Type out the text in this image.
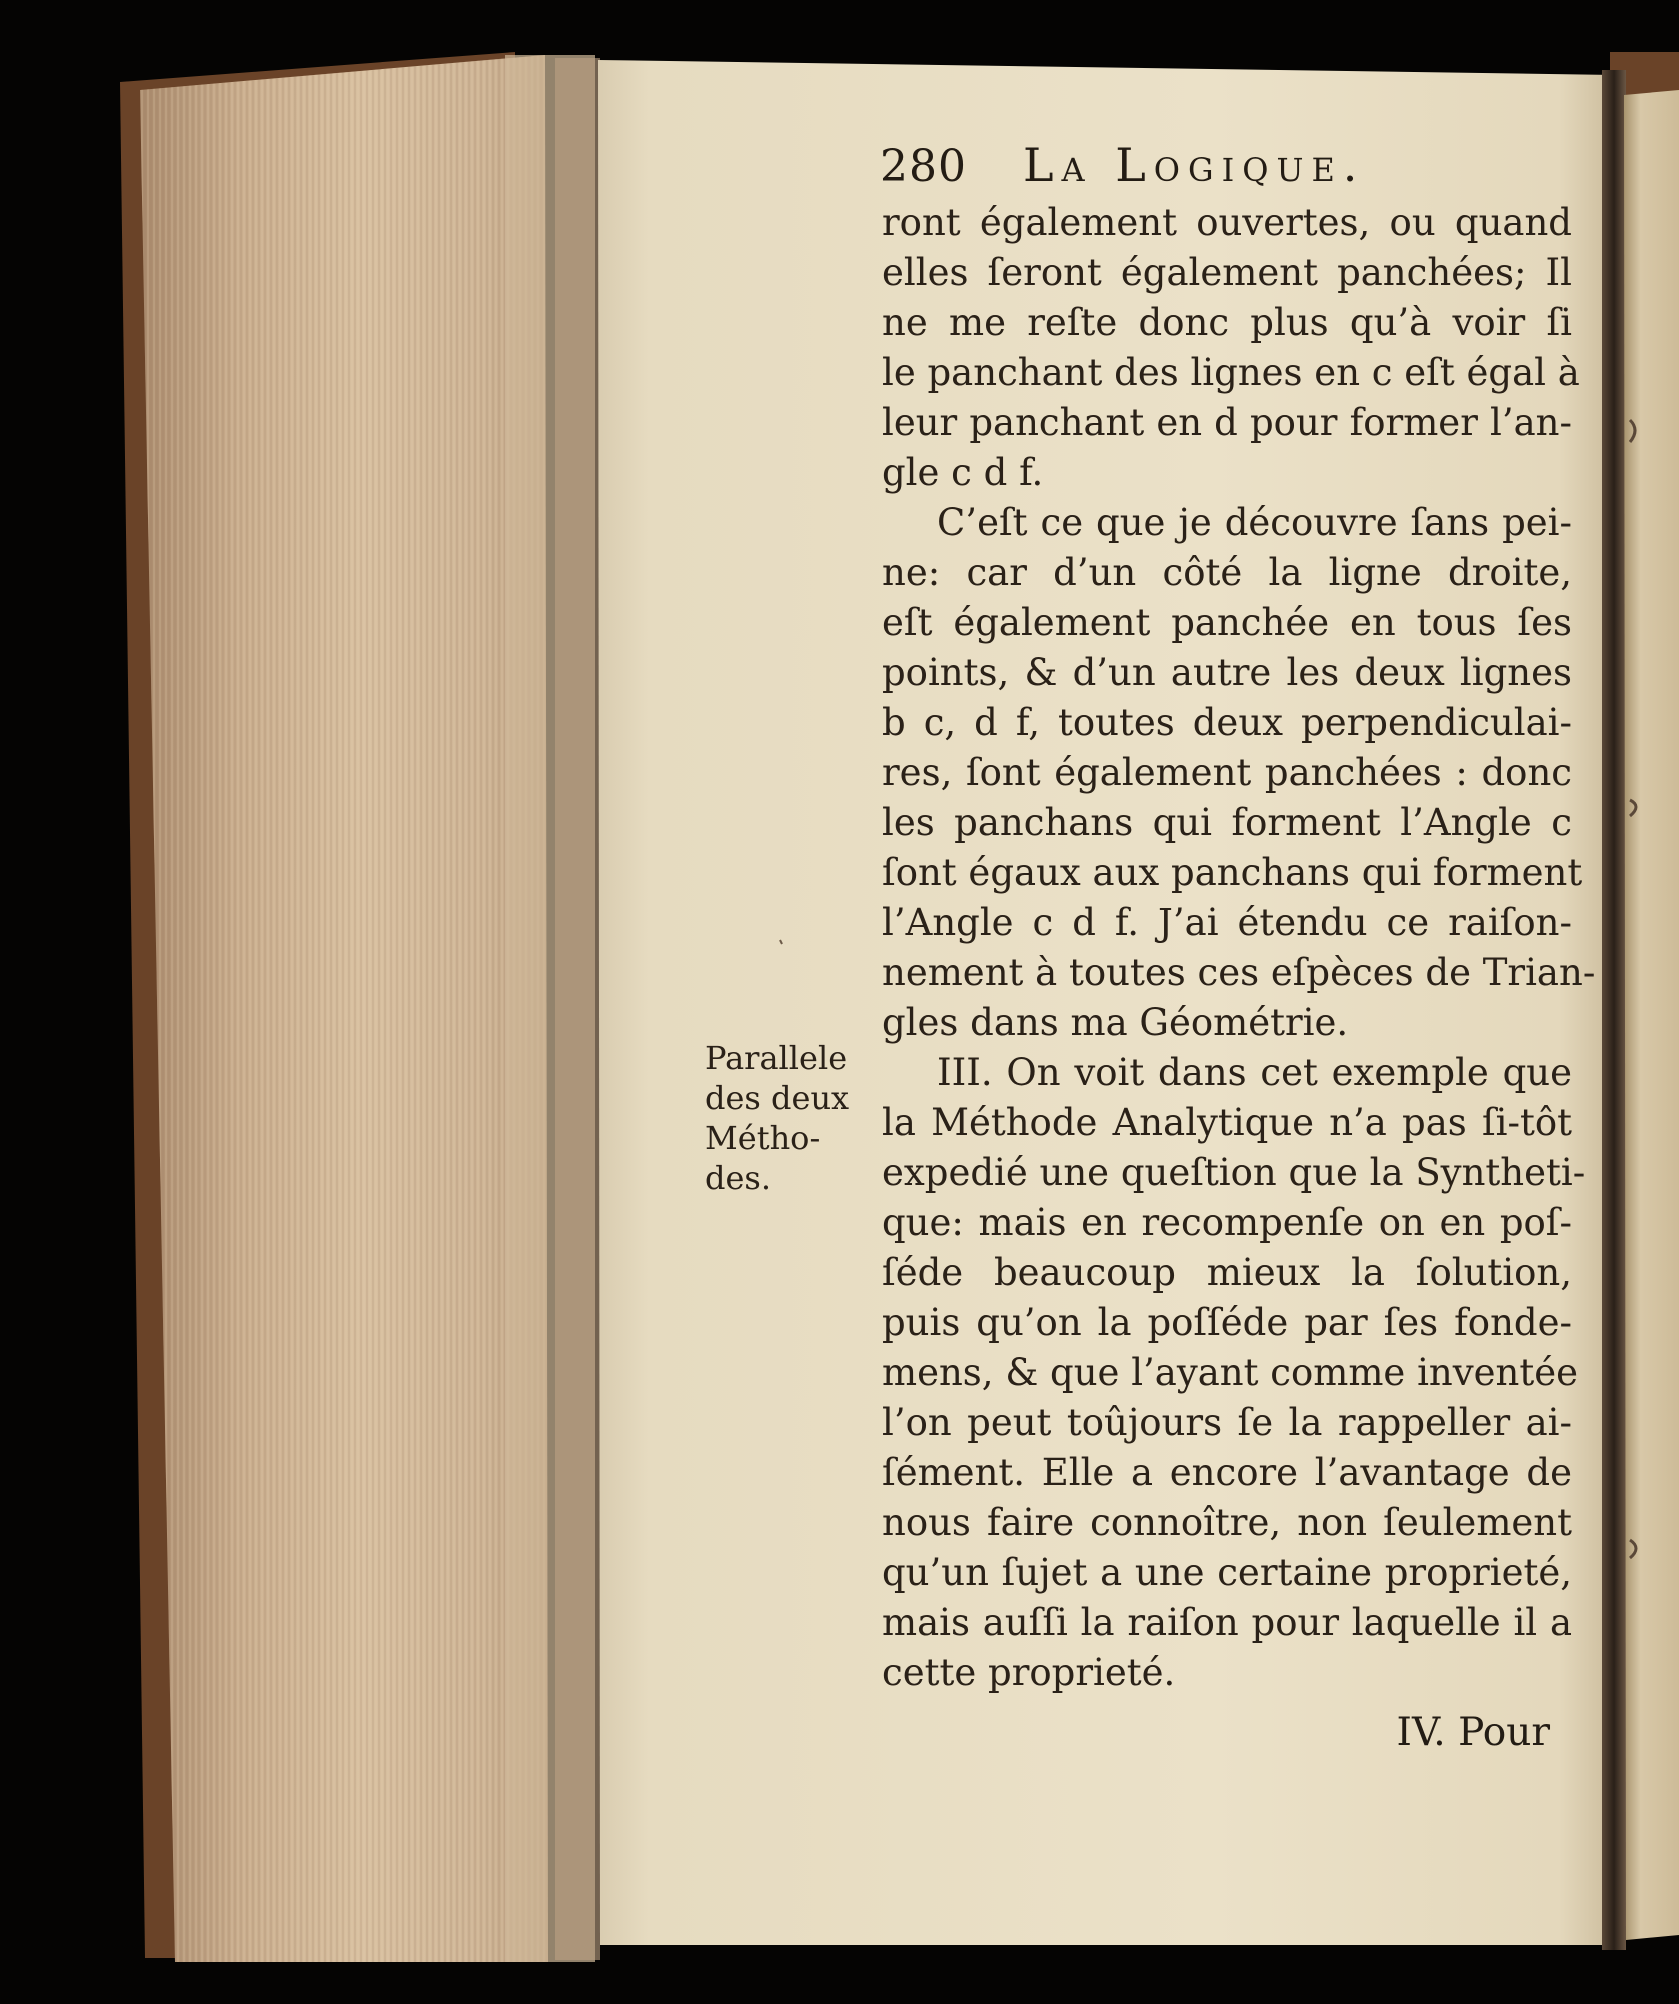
280 La Logique.
Parallele
des deux
Métho-
des.
ront également ouvertes, ou quand
elles ſeront également panchées; Il
ne me reſte donc plus qu’à voir ſi
le panchant des lignes en c eſt égal à
leur panchant en d pour former l’an-
gle c d f.
C’eſt ce que je découvre ſans pei-
ne: car d’un côté la ligne droite,
eſt également panchée en tous ſes
points, & d’un autre les deux lignes
b c, d f, toutes deux perpendiculai-
res, ſont également panchées : donc
les panchans qui forment l’Angle c
ſont égaux aux panchans qui forment
l’Angle c d f. J’ai étendu ce raiſon-
nement à toutes ces eſpèces de Trian-
gles dans ma Géométrie.
III. On voit dans cet exemple que
la Méthode Analytique n’a pas ſi-tôt
expedié une queſtion que la Syntheti-
que: mais en recompenſe on en poſ-
ſéde beaucoup mieux la ſolution,
puis qu’on la poſſéde par ſes fonde-
mens, & que l’ayant comme inventée
l’on peut toûjours ſe la rappeller ai-
ſément. Elle a encore l’avantage de
nous faire connoître, non ſeulement
qu’un ſujet a une certaine proprieté,
mais auſſi la raiſon pour laquelle il a
cette proprieté.
IV. Pour
